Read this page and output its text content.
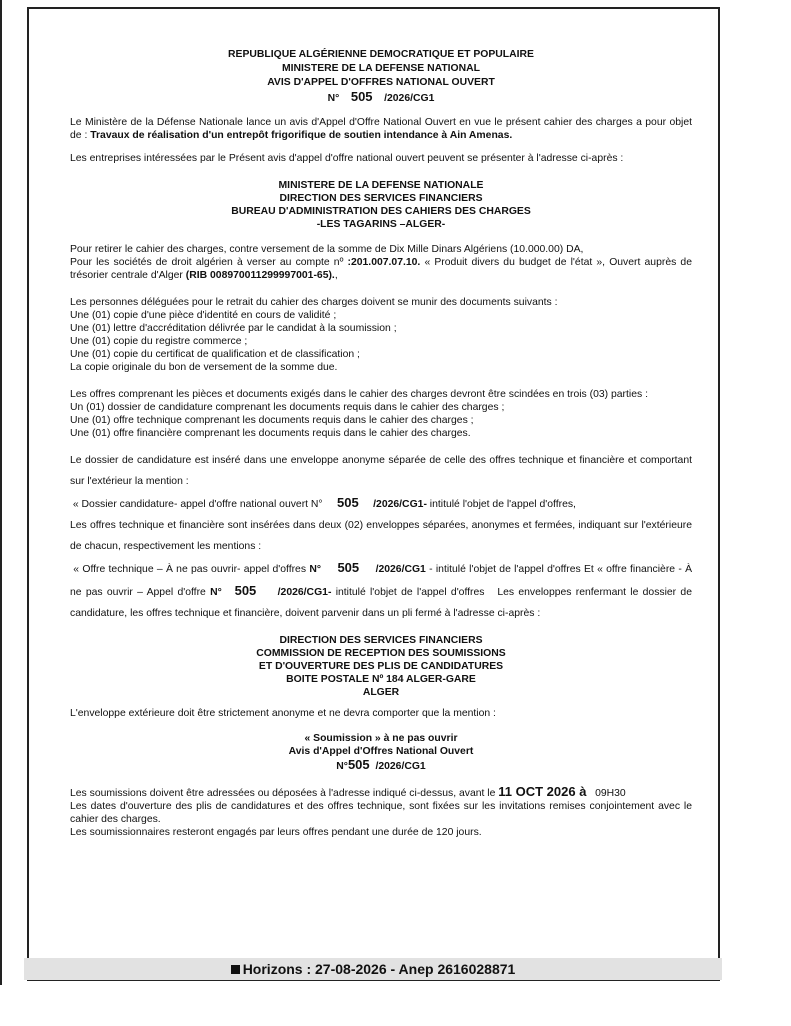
REPUBLIQUE ALGÉRIENNE DEMOCRATIQUE ET POPULAIRE
MINISTERE DE LA DEFENSE NATIONAL
AVIS D'APPEL D'OFFRES NATIONAL OUVERT
N° 505 /2026/CG1

Le Ministère de la Défense Nationale lance un avis d'Appel d'Offre National Ouvert en vue le présent cahier des charges a pour objet de : Travaux de réalisation d'un entrepôt frigorifique de soutien intendance à Ain Amenas.

Les entreprises intéressées par le Présent avis d'appel d'offre national ouvert peuvent se présenter à l'adresse ci-après :

MINISTERE DE LA DEFENSE NATIONALE
DIRECTION DES SERVICES FINANCIERS
BUREAU D'ADMINISTRATION DES CAHIERS DES CHARGES
-LES TAGARINS –ALGER-

Pour retirer le cahier des charges, contre versement de la somme de Dix Mille Dinars Algériens (10.000.00) DA,

Pour les sociétés de droit algérien à verser au compte nº :201.007.07.10. « Produit divers du budget de l'état », Ouvert auprès de trésorier centrale d'Alger (RIB 008970011299997001-65).,

Les personnes déléguées pour le retrait du cahier des charges doivent se munir des documents suivants :

Une (01) copie d'une pièce d'identité en cours de validité ;
Une (01) lettre d'accréditation délivrée par le candidat à la soumission ;
Une (01) copie du registre commerce ;
Une (01) copie du certificat de qualification et de classification ;
La copie originale du bon de versement de la somme due.

Les offres comprenant les pièces et documents exigés dans le cahier des charges devront être scindées en trois (03) parties :

Un (01) dossier de candidature comprenant les documents requis dans le cahier des charges ;
Une (01) offre technique comprenant les documents requis dans le cahier des charges ;
Une (01) offre financière comprenant les documents requis dans le cahier des charges.

Le dossier de candidature est inséré dans une enveloppe anonyme séparée de celle des offres technique et financière et comportant sur l'extérieur la mention :

« Dossier candidature- appel d'offre national ouvert N° 505 /2026/CG1- intitulé l'objet de l'appel d'offres,

Les offres technique et financière sont insérées dans deux (02) enveloppes séparées, anonymes et fermées, indiquant sur l'extérieure de chacun, respectivement les mentions :

« Offre technique – À ne pas ouvrir- appel d'offres N° 505 /2026/CG1 - intitulé l'objet de l'appel d'offres Et « offre financière - À ne pas ouvrir – Appel d'offre N° 505 /2026/CG1- intitulé l'objet de l'appel d'offres Les enveloppes renfermant le dossier de candidature, les offres technique et financière, doivent parvenir dans un pli fermé à l'adresse ci-après :

DIRECTION DES SERVICES FINANCIERS
COMMISSION DE RECEPTION DES SOUMISSIONS
ET D'OUVERTURE DES PLIS DE CANDIDATURES
BOITE POSTALE Nº 184 ALGER-GARE
ALGER

L'enveloppe extérieure doit être strictement anonyme et ne devra comporter que la mention :

« Soumission » à ne pas ouvrir
Avis d'Appel d'Offres National Ouvert
N°505 /2026/CG1

Les soumissions doivent être adressées ou déposées à l'adresse indiqué ci-dessus, avant le 11 OCT 2026 à 09H30

Les dates d'ouverture des plis de candidatures et des offres technique, sont fixées sur les invitations remises conjointement avec le cahier des charges.

Les soumissionnaires resteront engagés par leurs offres pendant une durée de 120 jours.

Horizons : 27-08-2026 - Anep 2616028871
